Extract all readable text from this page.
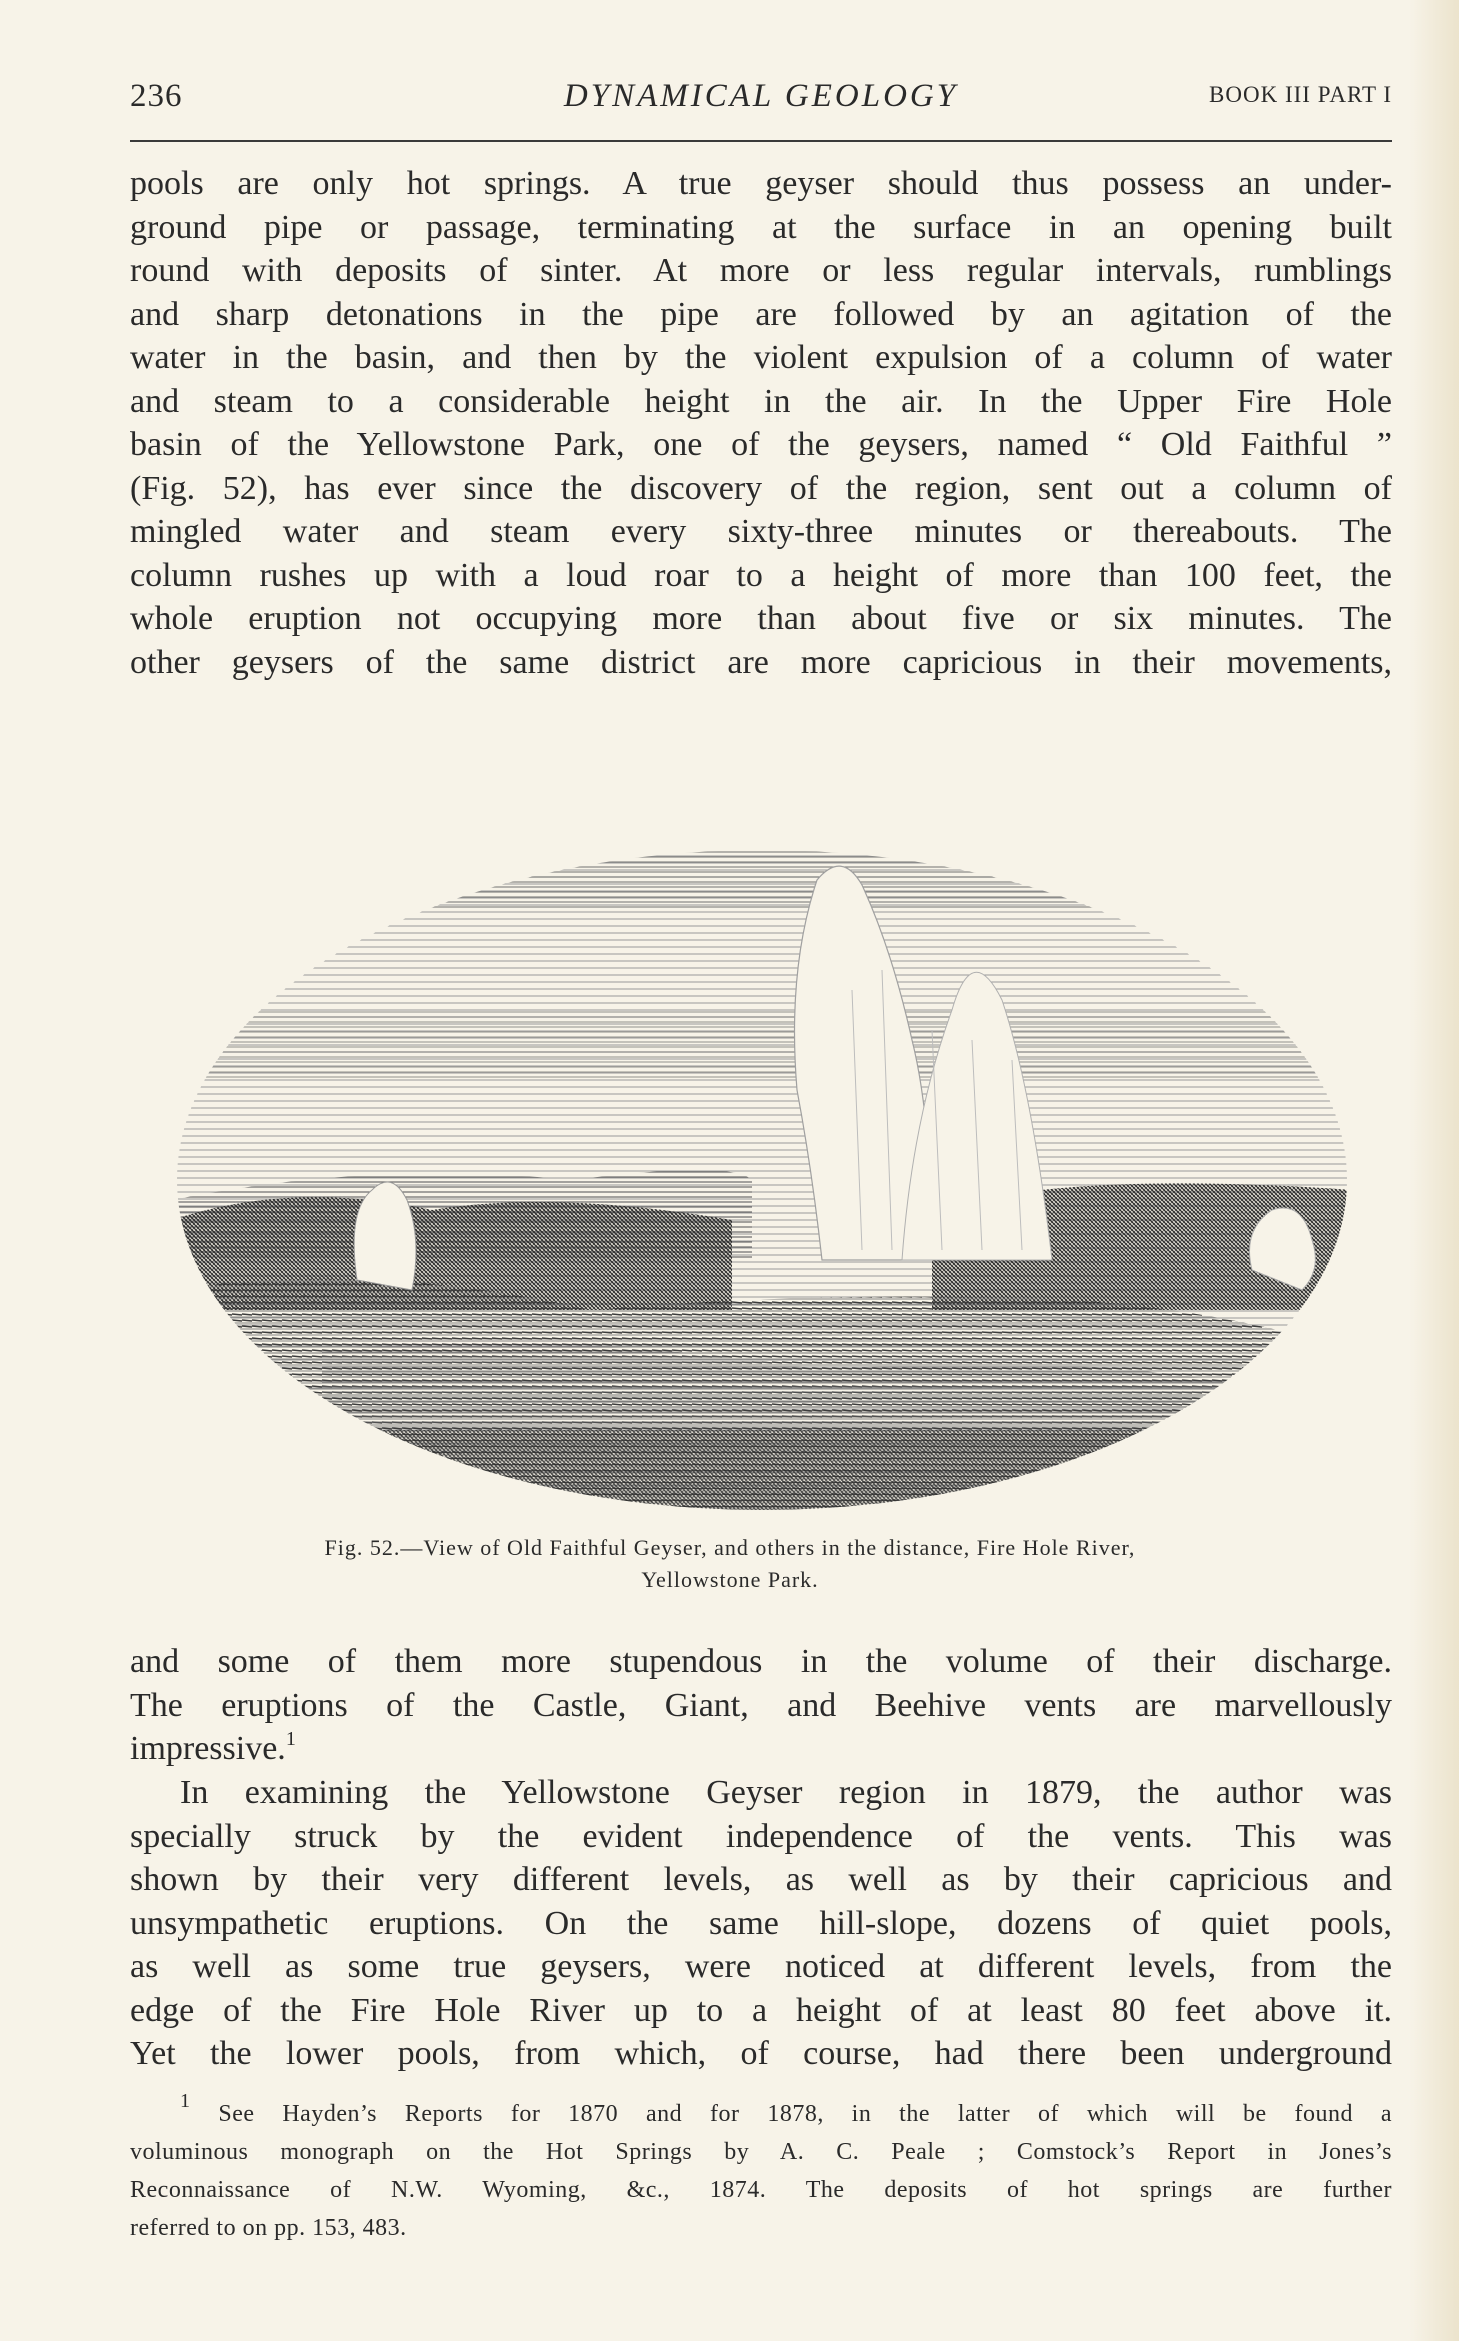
236	DYNAMICAL GEOLOGY	BOOK III PART I
pools are only hot springs. A true geyser should thus possess an under-
ground pipe or passage, terminating at the surface in an opening built
round with deposits of sinter. At more or less regular intervals, rumblings
and sharp detonations in the pipe are followed by an agitation of the
water in the basin, and then by the violent expulsion of a column of water
and steam to a considerable height in the air. In the Upper Fire Hole
basin of the Yellowstone Park, one of the geysers, named “ Old Faithful ”
(Fig. 52), has ever since the discovery of the region, sent out a column of
mingled water and steam every sixty-three minutes or thereabouts. The
column rushes up with a loud roar to a height of more than 100 feet, the
whole eruption not occupying more than about five or six minutes. The
other geysers of the same district are more capricious in their movements,
Fig. 52.—View of Old Faithful Geyser, and others in the distance, Fire Hole River,
Yellowstone Park.
and some of them more stupendous in the volume of their discharge.
The eruptions of the Castle, Giant, and Beehive vents are marvellously
impressive.$^1$
In examining the Yellowstone Geyser region in 1879, the author was
specially struck by the evident independence of the vents. This was
shown by their very different levels, as well as by their capricious and
unsympathetic eruptions. On the same hill-slope, dozens of quiet pools,
as well as some true geysers, were noticed at different levels, from the
edge of the Fire Hole River up to a height of at least 80 feet above it.
Yet the lower pools, from which, of course, had there been underground
$^1$ See Hayden’s Reports for 1870 and for 1878, in the latter of which will be found a
voluminous monograph on the Hot Springs by A. C. Peale ; Comstock’s Report in Jones’s
Reconnaissance of N.W. Wyoming, &c., 1874. The deposits of hot springs are further
referred to on pp. 153, 483.
